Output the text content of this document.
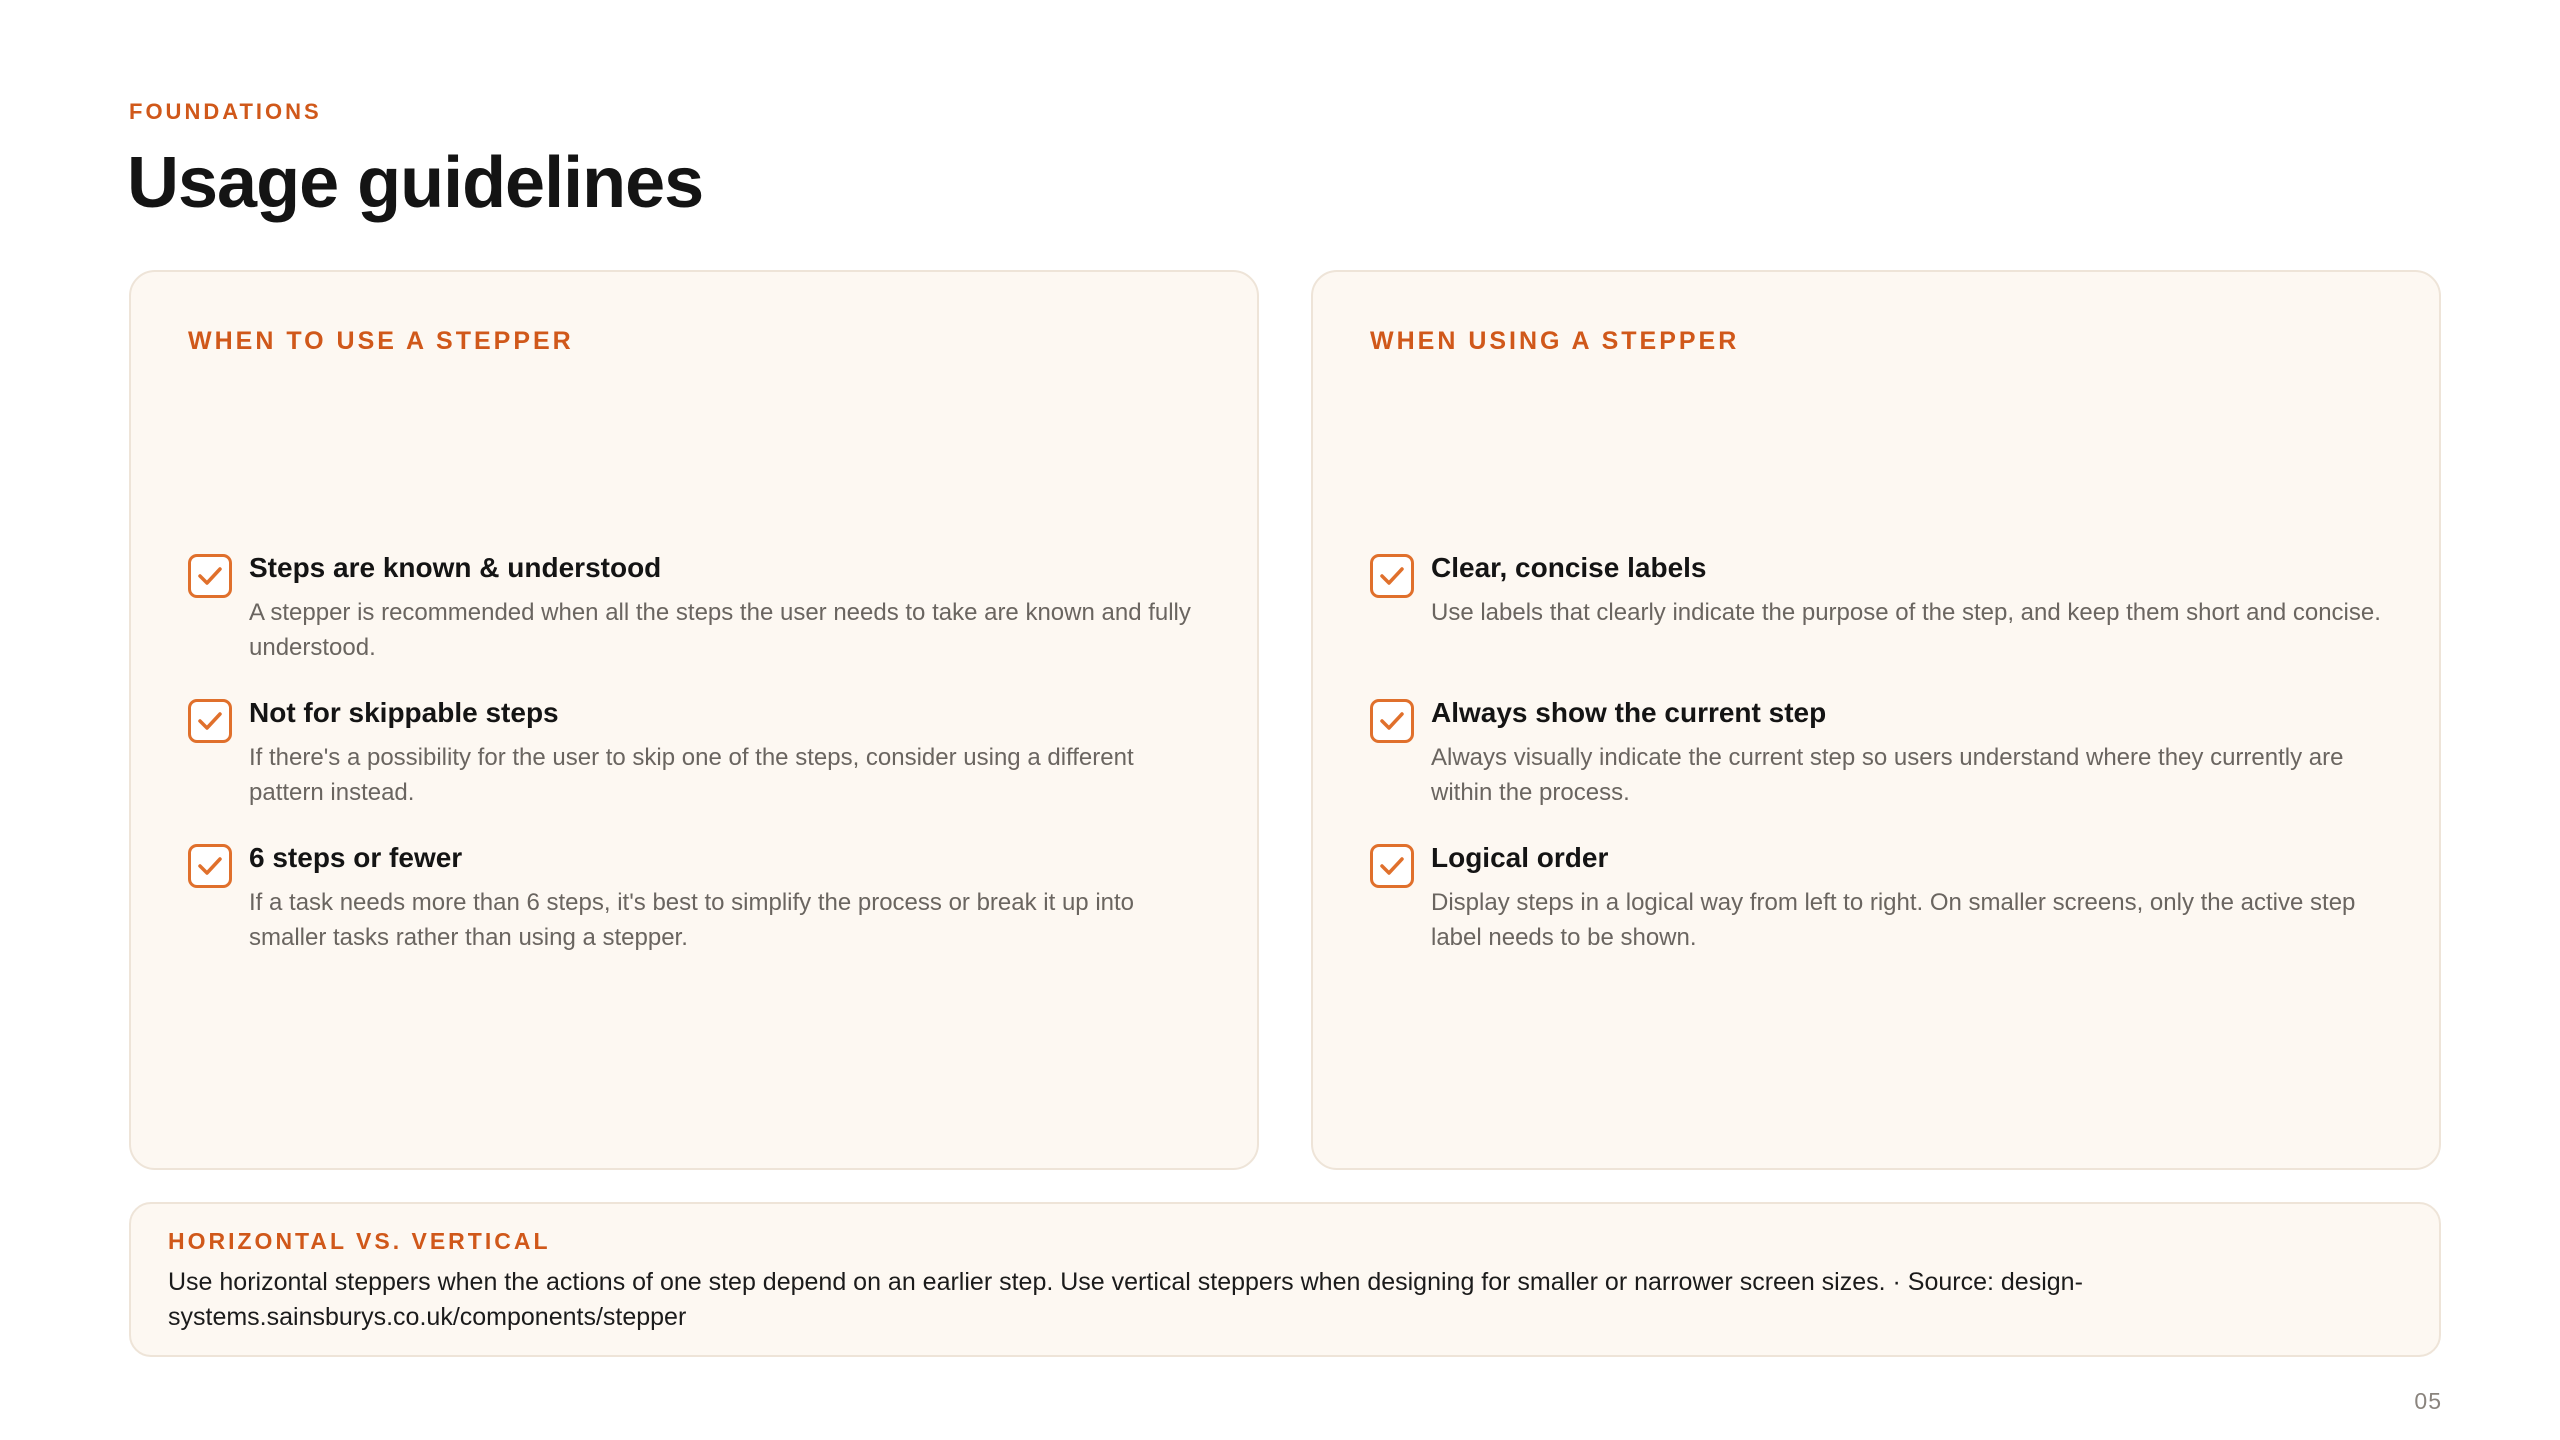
FOUNDATIONS
Usage guidelines
WHEN TO USE A STEPPER
Steps are known & understood
A stepper is recommended when all the steps the user needs to take are known and fully understood.
Not for skippable steps
If there's a possibility for the user to skip one of the steps, consider using a different pattern instead.
6 steps or fewer
If a task needs more than 6 steps, it's best to simplify the process or break it up into smaller tasks rather than using a stepper.
WHEN USING A STEPPER
Clear, concise labels
Use labels that clearly indicate the purpose of the step, and keep them short and concise.
Always show the current step
Always visually indicate the current step so users understand where they currently are within the process.
Logical order
Display steps in a logical way from left to right. On smaller screens, only the active step label needs to be shown.
HORIZONTAL VS. VERTICAL
Use horizontal steppers when the actions of one step depend on an earlier step. Use vertical steppers when designing for smaller or narrower screen sizes. · Source: design-systems.sainsburys.co.uk/components/stepper
05
